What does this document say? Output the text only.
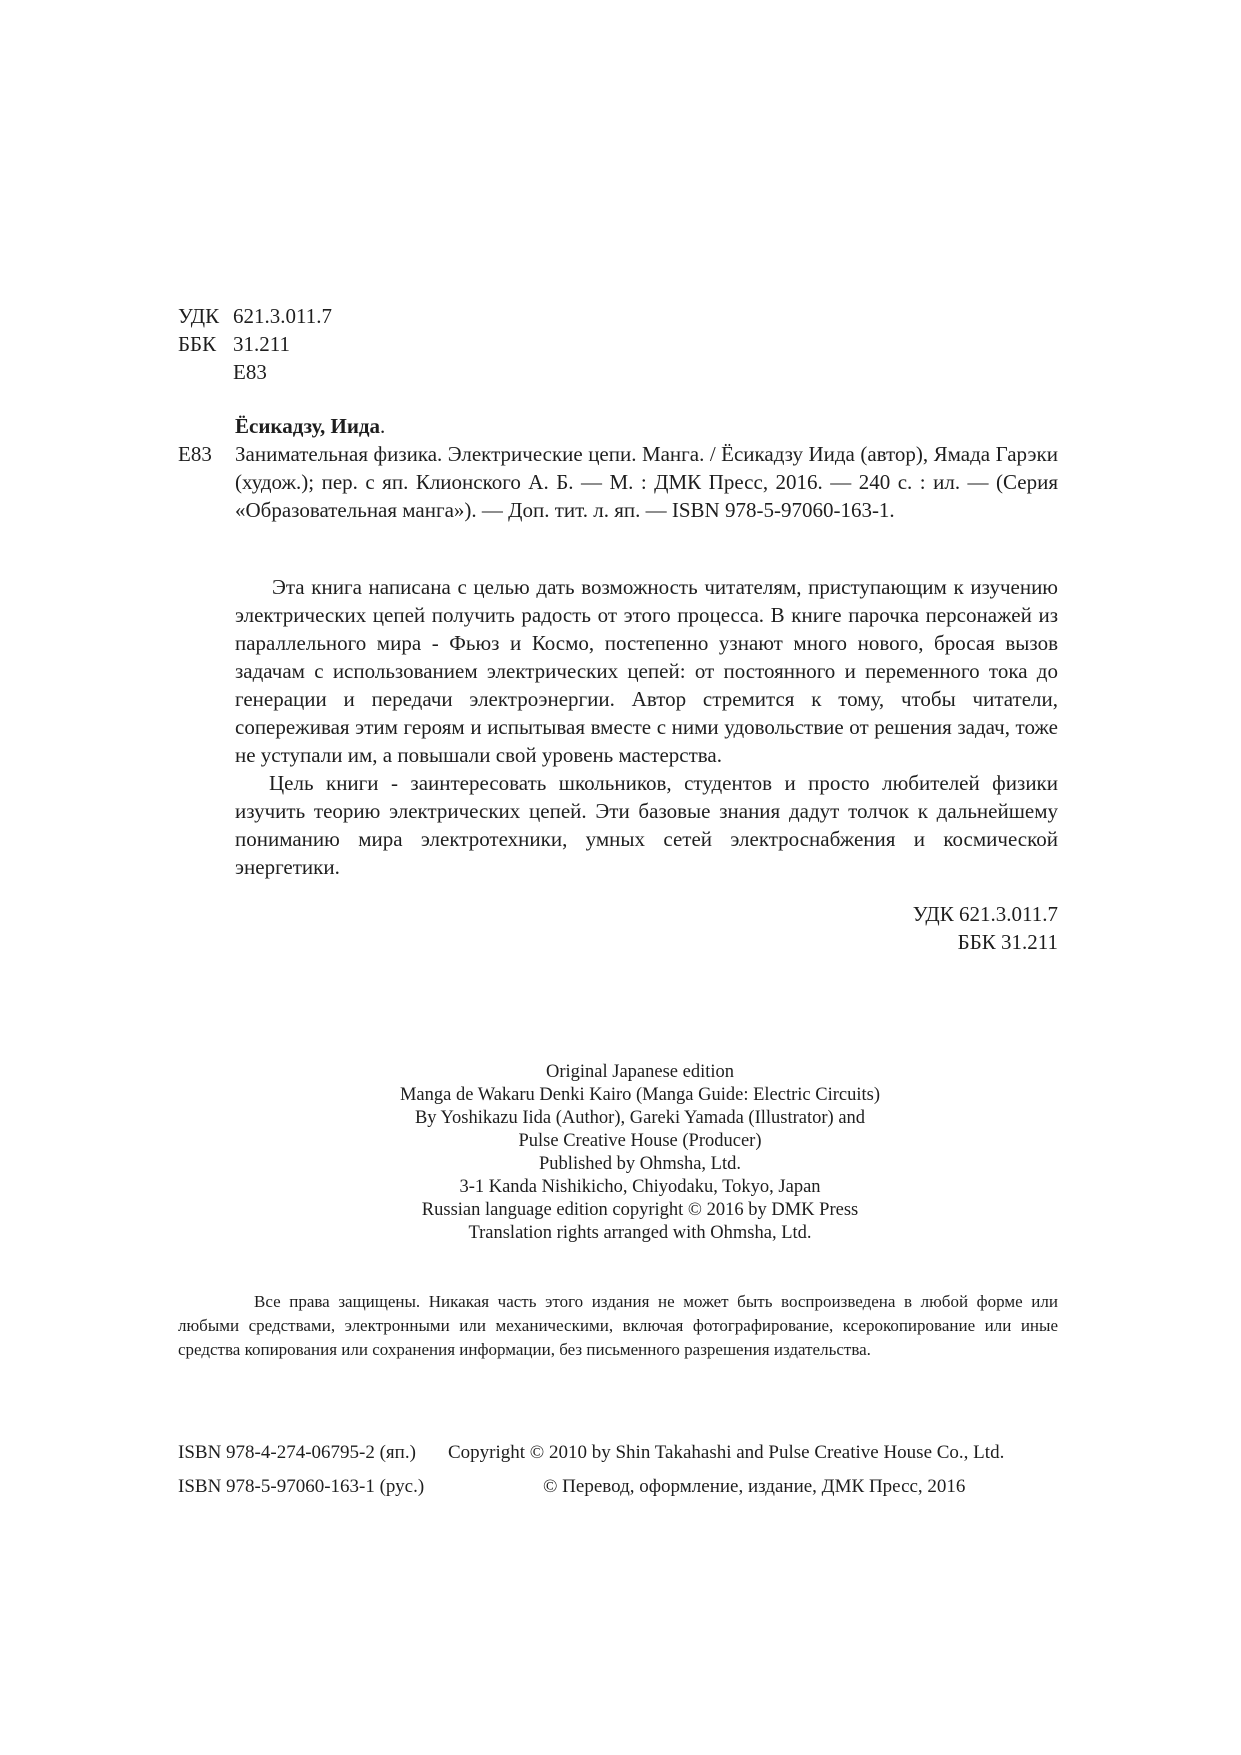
УДК 621.3.011.7
ББК 31.211
Е83
Ёсикадзу, Иида.
Е83 Занимательная физика. Электрические цепи. Манга. / Ёсикадзу Иида (автор), Ямада Гарэки (худож.); пер. с яп. Клионского А. Б. — М. : ДМК Пресс, 2016. — 240 с. : ил. — (Серия «Образовательная манга»). — Доп. тит. л. яп. — ISBN 978-5-97060-163-1.

Эта книга написана с целью дать возможность читателям, приступающим к изучению электрических цепей получить радость от этого процесса. В книге парочка персонажей из параллельного мира - Фьюз и Космо, постепенно узнают много нового, бросая вызов задачам с использованием электрических цепей: от постоянного и переменного тока до генерации и передачи электроэнергии. Автор стремится к тому, чтобы читатели, сопереживая этим героям и испытывая вместе с ними удовольствие от решения задач, тоже не уступали им, а повышали свой уровень мастерства.

Цель книги - заинтересовать школьников, студентов и просто любителей физики изучить теорию электрических цепей. Эти базовые знания дадут толчок к дальнейшему пониманию мира электротехники, умных сетей электроснабжения и космической энергетики.

УДК 621.3.011.7
ББК 31.211
Original Japanese edition
Manga de Wakaru Denki Kairo (Manga Guide: Electric Circuits)
By Yoshikazu Iida (Author), Gareki Yamada (Illustrator) and
Pulse Creative House (Producer)
Published by Ohmsha, Ltd.
3-1 Kanda Nishikicho, Chiyodaku, Tokyo, Japan
Russian language edition copyright © 2016 by DMK Press
Translation rights arranged with Ohmsha, Ltd.

Все права защищены. Никакая часть этого издания не может быть воспроизведена в любой форме или любыми средствами, электронными или механическими, включая фотографирование, ксерокопирование или иные средства копирования или сохранения информации, без письменного разрешения издательства.

ISBN 978-4-274-06795-2 (яп.) Copyright © 2010 by Shin Takahashi and Pulse Creative House Co., Ltd.
ISBN 978-5-97060-163-1 (рус.)	© Перевод, оформление, издание, ДМК Пресс, 2016
